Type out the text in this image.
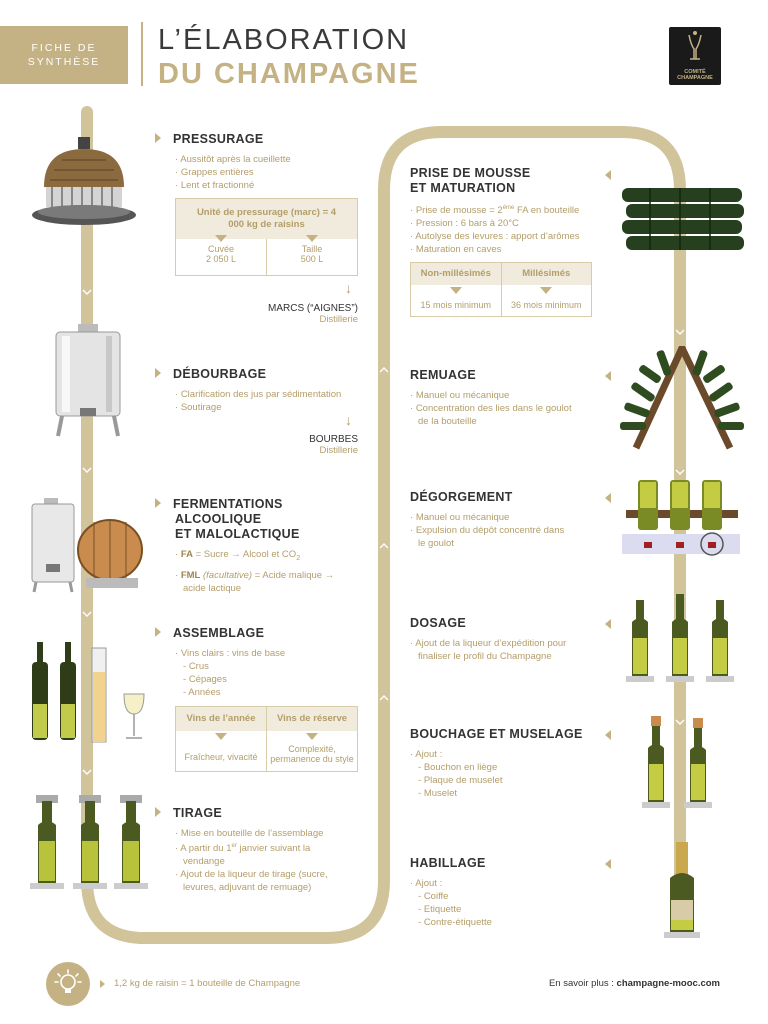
FICHE DE
SYNTHÈSE
L’ÉLABORATION
DU CHAMPAGNE	COMITÉ
CHAMPAGNE
PRESSURAGE
· Aussitôt après la cueillette
· Grappes entières
· Lent et fractionné
Unité de pressurage (marc) = 4 000 kg de raisins
Cuvée
2 050 L
Taille
500 L
↓
MARCS (“AIGNES”)
Distillerie
DÉBOURBAGE
· Clarification des jus par sédimentation
· Soutirage
↓
BOURBES
Distillerie
FERMENTATIONS
ALCOOLIQUE
ET MALOLACTIQUE
· FA = Sucre → Alcool et $CO_2$
· FML (facultative) = Acide malique →
acide lactique
ASSEMBLAGE
· Vins clairs : vins de base
- Crus
- Cépages
- Années
Vins de l’année
Fraîcheur, vivacité
Vins de réserve
Complexité,
permanence du style
TIRAGE
· Mise en bouteille de l’assemblage
· A partir du 1er janvier suivant la
vendange
· Ajout de la liqueur de tirage (sucre,
levures, adjuvant de remuage)
PRISE DE MOUSSE
ET MATURATION
· Prise de mousse = 2ème FA en bouteille
· Pression : 6 bars à 20°C
· Autolyse des levures : apport d’arômes
· Maturation en caves
Non-millésimés
15 mois minimum
Millésimés
36 mois minimum
REMUAGE
· Manuel ou mécanique
· Concentration des lies dans le goulot
de la bouteille
DÉGORGEMENT
· Manuel ou mécanique
· Expulsion du dépôt concentré dans
le goulot
DOSAGE
· Ajout de la liqueur d’expédition pour
finaliser le profil du Champagne
BOUCHAGE ET MUSELAGE
· Ajout :
- Bouchon en liège
- Plaque de muselet
- Muselet
HABILLAGE
· Ajout :
- Coiffe
- Etiquette
- Contre-étiquette
1,2 kg de raisin = 1 bouteille de Champagne	En savoir plus : champagne-mooc.com
